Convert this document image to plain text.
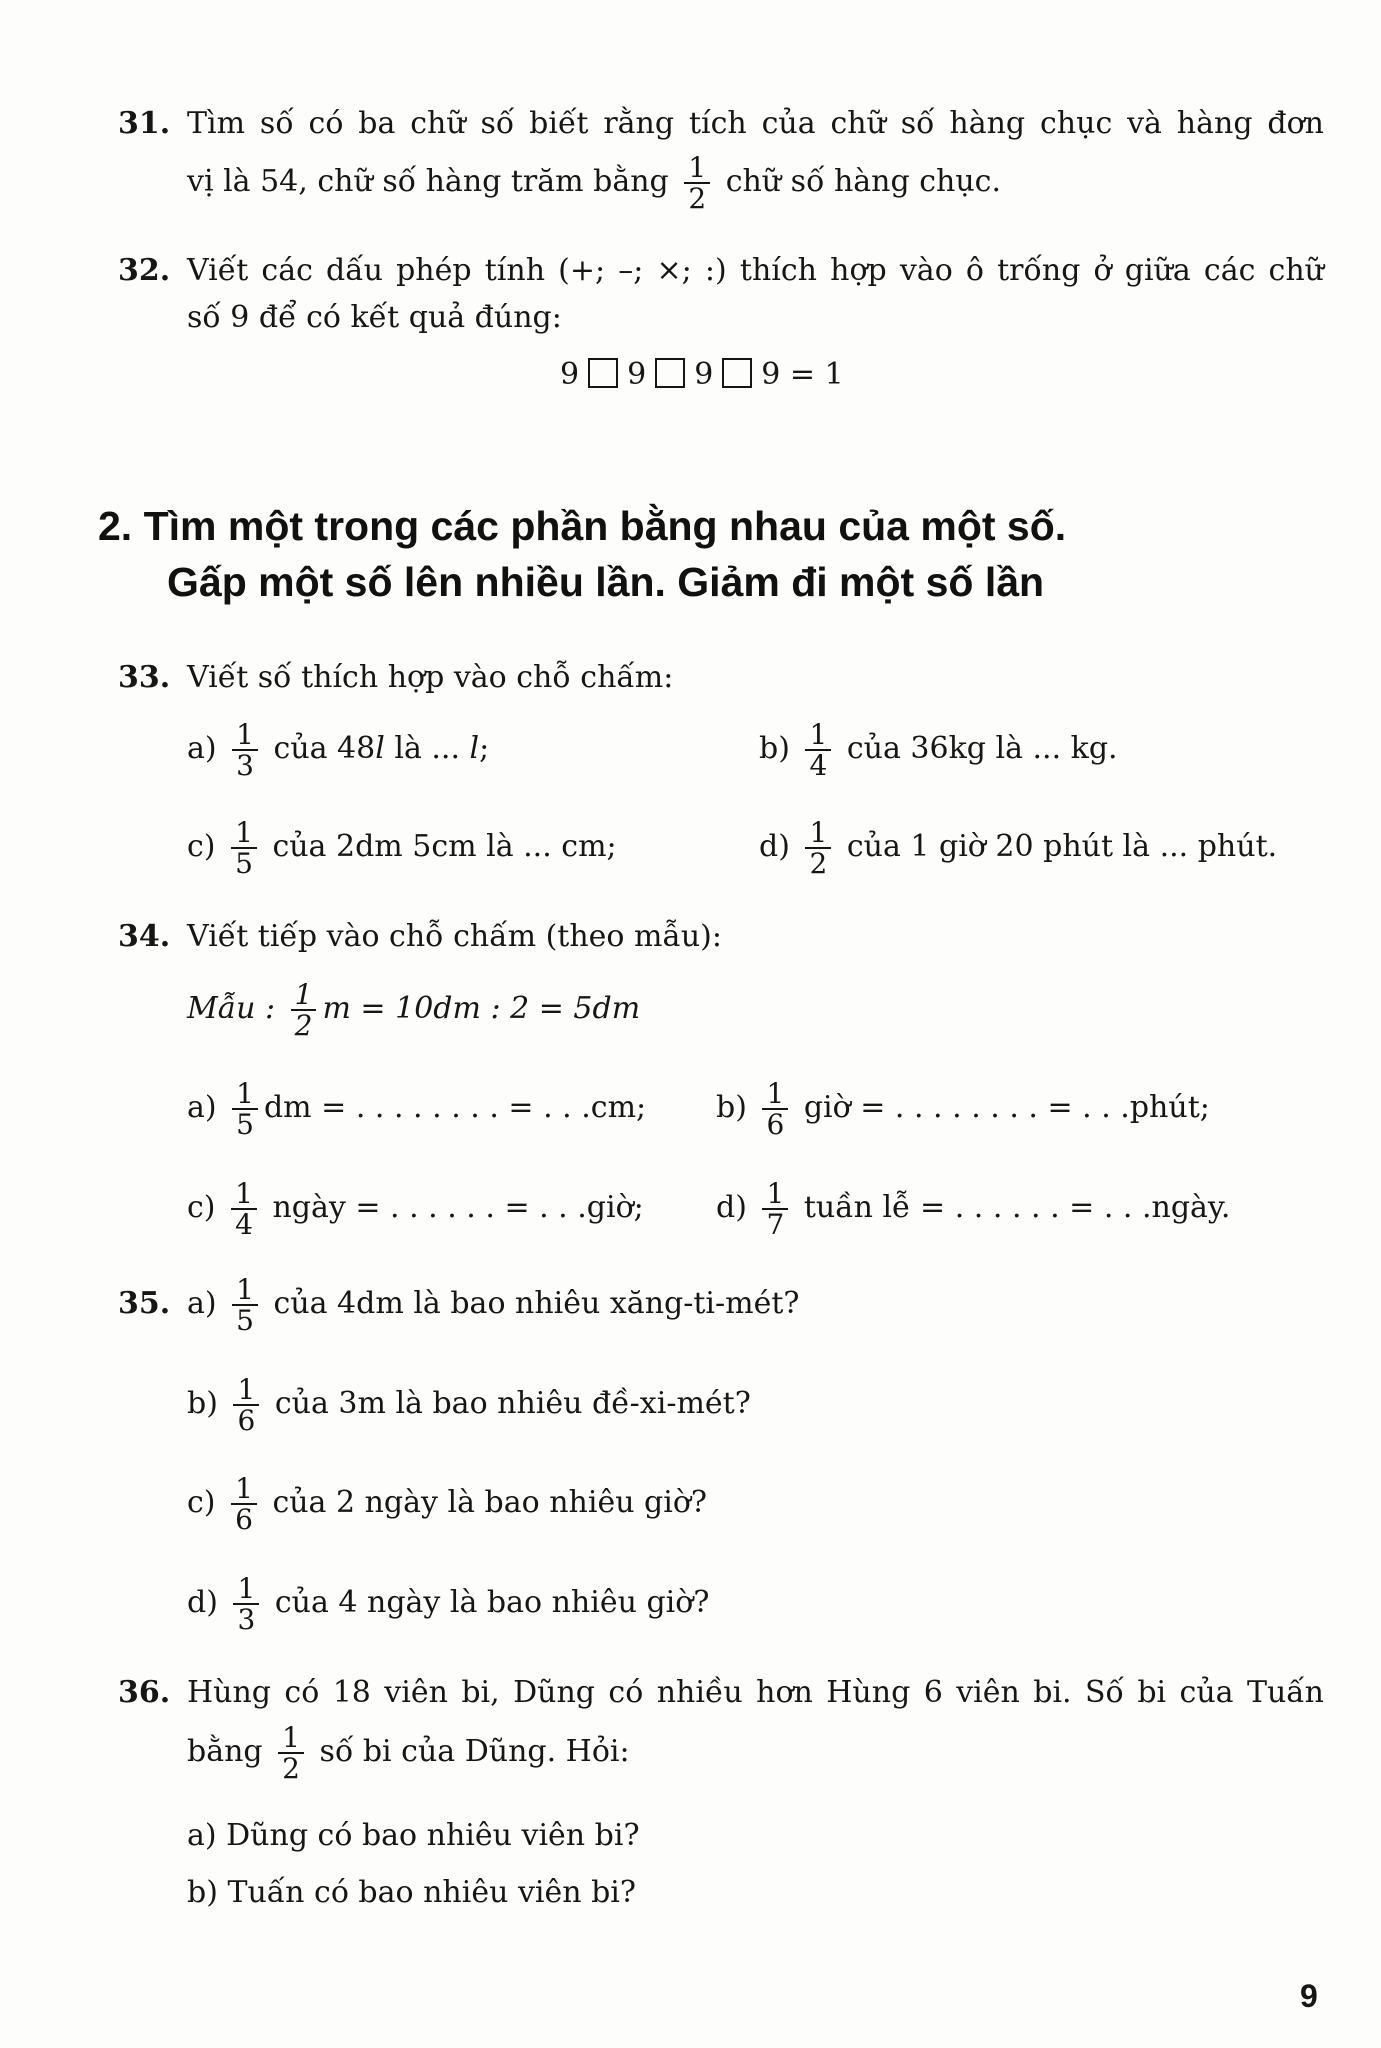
31. Tìm số có ba chữ số biết rằng tích của chữ số hàng chục và hàng đơn
vị là 54, chữ số hàng trăm bằng $\frac{1}{2}$ chữ số hàng chục.
32. Viết các dấu phép tính (+; –; ×; :) thích hợp vào ô trống ở giữa các chữ
số 9 để có kết quả đúng:
9 9 9 9 = 1
2. Tìm một trong các phần bằng nhau của một số.
Gấp một số lên nhiều lần. Giảm đi một số lần
33. Viết số thích hợp vào chỗ chấm:
$a) \frac{1}{3}$ của 48l là ... l;	$b) \frac{1}{4}$ của 36kg là ... kg.
$c) \frac{1}{5}$ của 2dm 5cm là ... cm;	$d) \frac{1}{2}$ của 1 giờ 20 phút là ... phút.
34. Viết tiếp vào chỗ chấm (theo mẫu):
Mẫu : $\frac{1}{2}$ m = 10dm : 2 = 5dm
$a) \frac{1}{5}$ dm = . . . . . . . . = . . .cm; $b) \frac{1}{6}$ giờ = . . . . . . . . = . . .phút;
$c) \frac{1}{4}$ ngày = . . . . . . = . . .giờ; $d) \frac{1}{7}$ tuần lễ = . . . . . . = . . .ngày.
35. $a) \frac{1}{5}$ của 4dm là bao nhiêu xăng-ti-mét?
$b) \frac{1}{6}$ của 3m là bao nhiêu đề-xi-mét?
$c) \frac{1}{6}$ của 2 ngày là bao nhiêu giờ?
$d) \frac{1}{3}$ của 4 ngày là bao nhiêu giờ?
36. Hùng có 18 viên bi, Dũng có nhiều hơn Hùng 6 viên bi. Số bi của Tuấn
bằng $\frac{1}{2}$ số bi của Dũng. Hỏi:
a) Dũng có bao nhiêu viên bi?
b) Tuấn có bao nhiêu viên bi?
9
